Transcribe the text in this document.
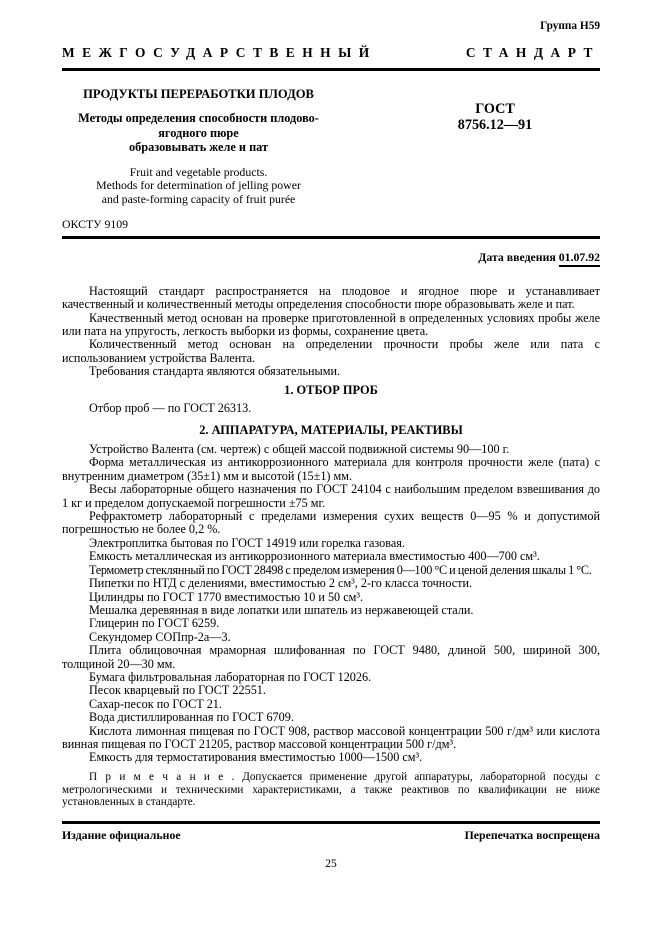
Группа Н59
МЕЖГОСУДАРСТВЕННЫЙ	СТАНДАРТ
ПРОДУКТЫ ПЕРЕРАБОТКИ ПЛОДОВ
Методы определения способности плодово-ягодного пюре
образовывать желе и пат
Fruit and vegetable products.
Methods for determination of jelling power
and paste-forming capacity of fruit purée
ОКСТУ 9109
ГОСТ
8756.12—91
Дата введения 01.07.92

Настоящий стандарт распространяется на плодовое и ягодное пюре и устанавливает качественный и количественный методы определения способности пюре образовывать желе и пат.

Качественный метод основан на проверке приготовленной в определенных условиях пробы желе или пата на упругость, легкость выборки из формы, сохранение цвета.

Количественный метод основан на определении прочности пробы желе или пата с использованием устройства Валента.

Требования стандарта являются обязательными.

1. ОТБОР ПРОБ

Отбор проб — по ГОСТ 26313.

2. АППАРАТУРА, МАТЕРИАЛЫ, РЕАКТИВЫ

Устройство Валента (см. чертеж) с общей массой подвижной системы 90—100 г.

Форма металлическая из антикоррозионного материала для контроля прочности желе (пата) с внутренним диаметром (35±1) мм и высотой (15±1) мм.

Весы лабораторные общего назначения по ГОСТ 24104 с наибольшим пределом взвешивания до 1 кг и пределом допускаемой погрешности ±75 мг.

Рефрактометр лабораторный с пределами измерения сухих веществ 0—95 % и допустимой погрешностью не более 0,2 %.

Электроплитка бытовая по ГОСТ 14919 или горелка газовая.

Емкость металлическая из антикоррозионного материала вместимостью 400—700 см³.

Термометр стеклянный по ГОСТ 28498 с пределом измерения 0—100 °С и ценой деления шкалы 1 °С.

Пипетки по НТД с делениями, вместимостью 2 см³, 2-го класса точности.

Цилиндры по ГОСТ 1770 вместимостью 10 и 50 см³.

Мешалка деревянная в виде лопатки или шпатель из нержавеющей стали.

Глицерин по ГОСТ 6259.

Секундомер СОПпр-2а—3.

Плита облицовочная мраморная шлифованная по ГОСТ 9480, длиной 500, шириной 300, толщиной 20—30 мм.

Бумага фильтровальная лабораторная по ГОСТ 12026.

Песок кварцевый по ГОСТ 22551.

Сахар-песок по ГОСТ 21.

Вода дистиллированная по ГОСТ 6709.

Кислота лимонная пищевая по ГОСТ 908, раствор массовой концентрации 500 г/дм³ или кислота винная пищевая по ГОСТ 21205, раствор массовой концентрации 500 г/дм³.

Емкость для термостатирования вместимостью 1000—1500 см³.

П р и м е ч а н и е . Допускается применение другой аппаратуры, лабораторной посуды с метрологическими и техническими характеристиками, а также реактивов по квалификации не ниже установленных в стандарте.

Издание официальное	Перепечатка воспрещена
25
